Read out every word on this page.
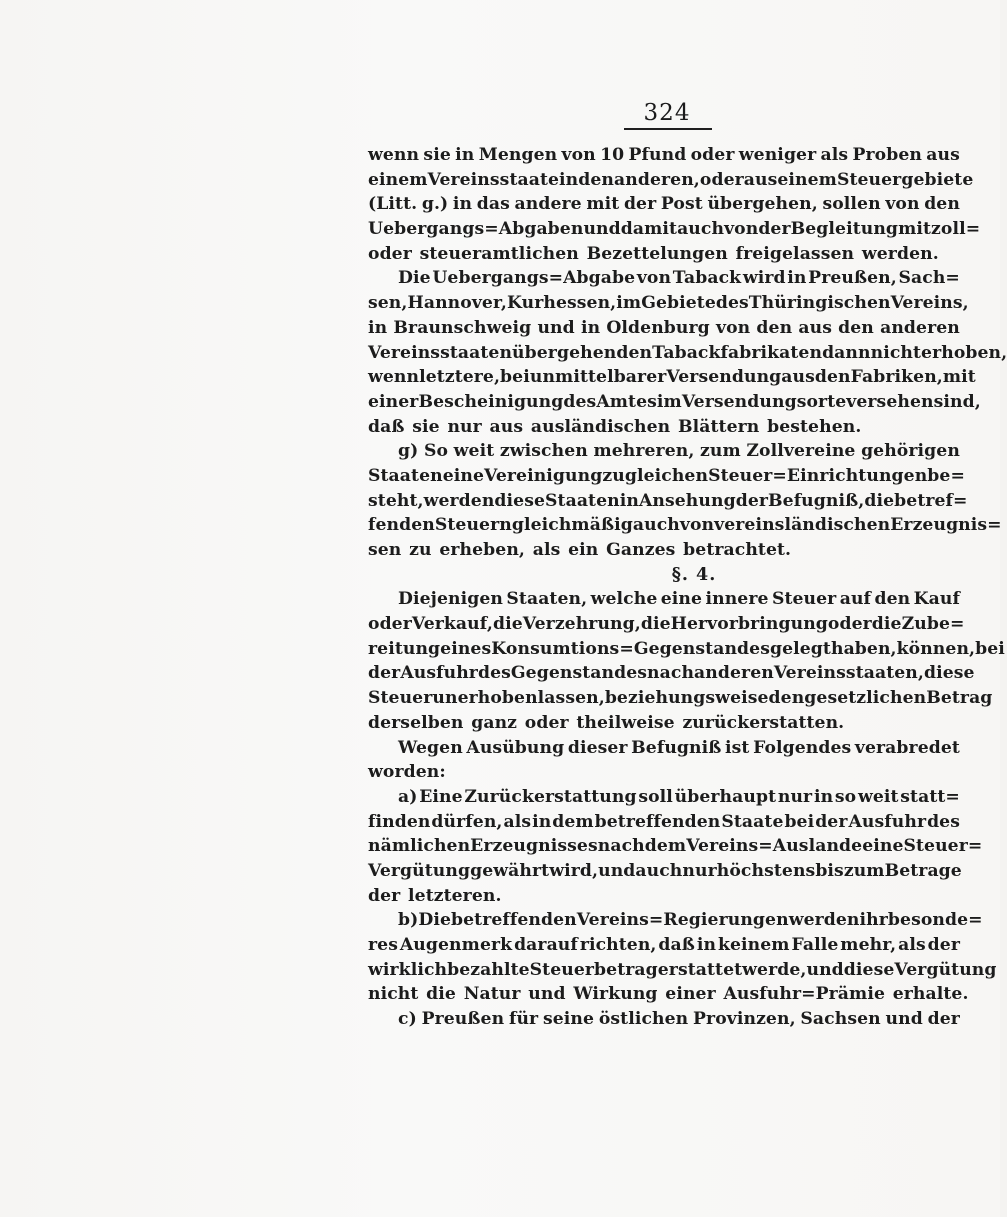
324
wenn sie in Mengen von 10 Pfund oder weniger als Proben aus
einem Vereinsstaate in den anderen, oder aus einem Steuergebiete
(Litt. g.) in das andere mit der Post übergehen, sollen von den
Uebergangs=Abgaben und damit auch von der Begleitung mit zoll=
oder steueramtlichen Bezettelungen freigelassen werden.
Die Uebergangs=Abgabe von Taback wird in Preußen, Sach=
sen, Hannover, Kurhessen, im Gebiete des Thüringischen Vereins,
in Braunschweig und in Oldenburg von den aus den anderen
Vereinsstaaten übergehenden Tabackfabrikaten dann nicht erhoben,
wenn letztere, bei unmittelbarer Versendung aus den Fabriken, mit
einer Bescheinigung des Amtes im Versendungsorte versehen sind,
daß sie nur aus ausländischen Blättern bestehen.
g) So weit zwischen mehreren, zum Zollvereine gehörigen
Staaten eine Vereinigung zu gleichen Steuer=Einrichtungen be=
steht, werden diese Staaten in Ansehung der Befugniß, die betref=
fenden Steuern gleichmäßig auch von vereinsländischen Erzeugnis=
sen zu erheben, als ein Ganzes betrachtet.
§. 4.
Diejenigen Staaten, welche eine innere Steuer auf den Kauf
oder Verkauf, die Verzehrung, die Hervorbringung oder die Zube=
reitung eines Konsumtions=Gegenstandes gelegt haben, können, bei
der Ausfuhr des Gegenstandes nach anderen Vereinsstaaten, diese
Steuer unerhoben lassen, beziehungsweise den gesetzlichen Betrag
derselben ganz oder theilweise zurückerstatten.
Wegen Ausübung dieser Befugniß ist Folgendes verabredet
worden:
a) Eine Zurückerstattung soll überhaupt nur in so weit statt=
finden dürfen, als in dem betreffenden Staate bei der Ausfuhr des
nämlichen Erzeugnisses nach dem Vereins=Auslande eine Steuer=
Vergütung gewährt wird, und auch nur höchstens bis zum Betrage
der letzteren.
b) Die betreffenden Vereins=Regierungen werden ihr besonde=
res Augenmerk darauf richten, daß in keinem Falle mehr, als der
wirklich bezahlte Steuerbetrag erstattet werde, und diese Vergütung
nicht die Natur und Wirkung einer Ausfuhr=Prämie erhalte.
c) Preußen für seine östlichen Provinzen, Sachsen und der
